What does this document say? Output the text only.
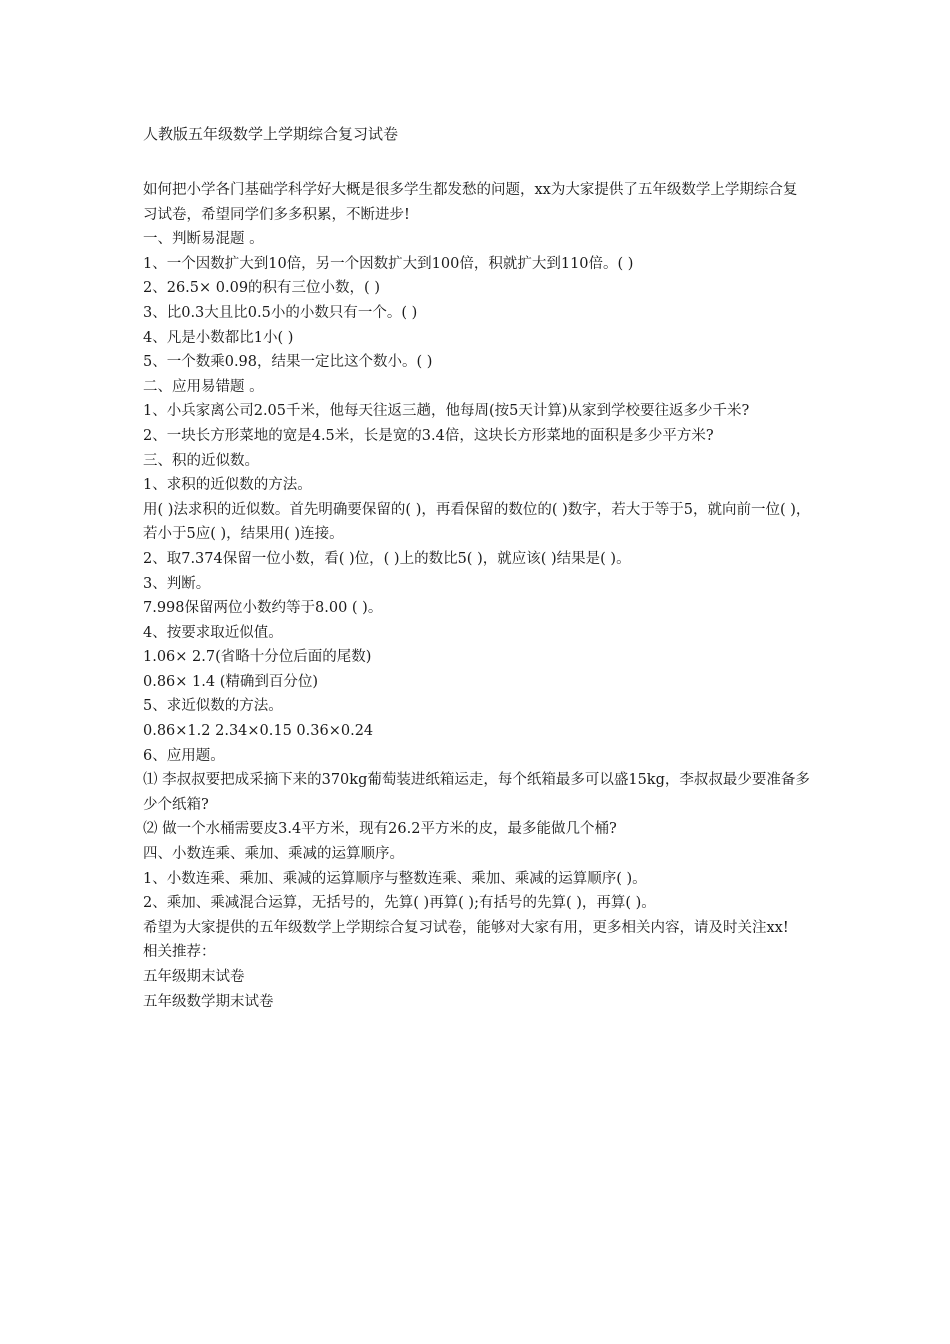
人教版五年级数学上学期综合复习试卷

如何把小学各门基础学科学好大概是很多学生都发愁的问题，xx为大家提供了五年级数学上学期综合复习试卷，希望同学们多多积累，不断进步!

一、判断易混题 。

1、一个因数扩大到10倍，另一个因数扩大到100倍，积就扩大到110倍。( )

2、26.5× 0.09的积有三位小数，( )

3、比0.3大且比0.5小的小数只有一个。( )

4、凡是小数都比1小( )

5、一个数乘0.98，结果一定比这个数小。( )

二、应用易错题 。

1、小兵家离公司2.05千米，他每天往返三趟，他每周(按5天计算)从家到学校要往返多少千米?

2、一块长方形菜地的宽是4.5米，长是宽的3.4倍，这块长方形菜地的面积是多少平方米?

三、积的近似数。

1、求积的近似数的方法。

用( )法求积的近似数。首先明确要保留的( )，再看保留的数位的( )数字，若大于等于5，就向前一位( )，若小于5应( )，结果用( )连接。

2、取7.374保留一位小数，看( )位，( )上的数比5( )，就应该( )结果是( )。

3、判断。

7.998保留两位小数约等于8.00 ( )。

4、按要求取近似值。

1.06× 2.7(省略十分位后面的尾数)

0.86× 1.4 (精确到百分位)

5、求近似数的方法。

0.86×1.2 2.34×0.15 0.36×0.24

6、应用题。

⑴ 李叔叔要把成采摘下来的370kg葡萄装进纸箱运走，每个纸箱最多可以盛15kg，李叔叔最少要准备多少个纸箱?

⑵ 做一个水桶需要皮3.4平方米，现有26.2平方米的皮，最多能做几个桶?

四、小数连乘、乘加、乘减的运算顺序。

1、小数连乘、乘加、乘减的运算顺序与整数连乘、乘加、乘减的运算顺序( )。

2、乘加、乘减混合运算，无括号的，先算( )再算( );有括号的先算( )，再算( )。

希望为大家提供的五年级数学上学期综合复习试卷，能够对大家有用，更多相关内容，请及时关注xx!

相关推荐：

五年级期末试卷

五年级数学期末试卷
